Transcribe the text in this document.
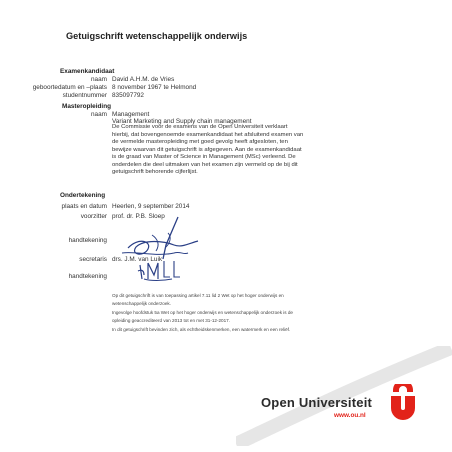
Getuigschrift wetenschappelijk onderwijs
Examenkandidaat
naam David A.H.M. de Vries
geboortedatum en –plaats 8 november 1967 te Helmond
studentnummer 835097792
Masteropleiding
naam Management
Variant Marketing and Supply chain management
De Commissie voor de examens van de Open Universiteit verklaart
hierbij, dat bovengenoemde examenkandidaat het afsluitend examen van
de vermelde masteropleiding met goed gevolg heeft afgesloten, ten
bewijze waarvan dit getuigschrift is afgegeven. Aan de examenkandidaat
is de graad van Master of Science in Management (MSc) verleend. De
onderdelen die deel uitmaken van het examen zijn vermeld op de bij dit
getuigschrift behorende cijferlijst.
Ondertekening
plaats en datum Heerlen, 9 september 2014
voorzitter prof. dr. P.B. Sloep
handtekening
secretaris drs. J.M. van Luik
handtekening
Op dit getuigschrift is van toepassing artikel 7.11 lid 2 Wet op het hoger onderwijs en
wetenschappelijk onderzoek.
Ingevolge hoofdstuk 5a Wet op het hoger onderwijs en wetenschappelijk onderzoek is de
opleiding geaccrediteerd van 2013 tot en met 31-12-2017.
In dit getuigschrift bevinden zich, als echtheidskenmerken, een watermerk en een reliëf.
Open Universiteit
www.ou.nl
